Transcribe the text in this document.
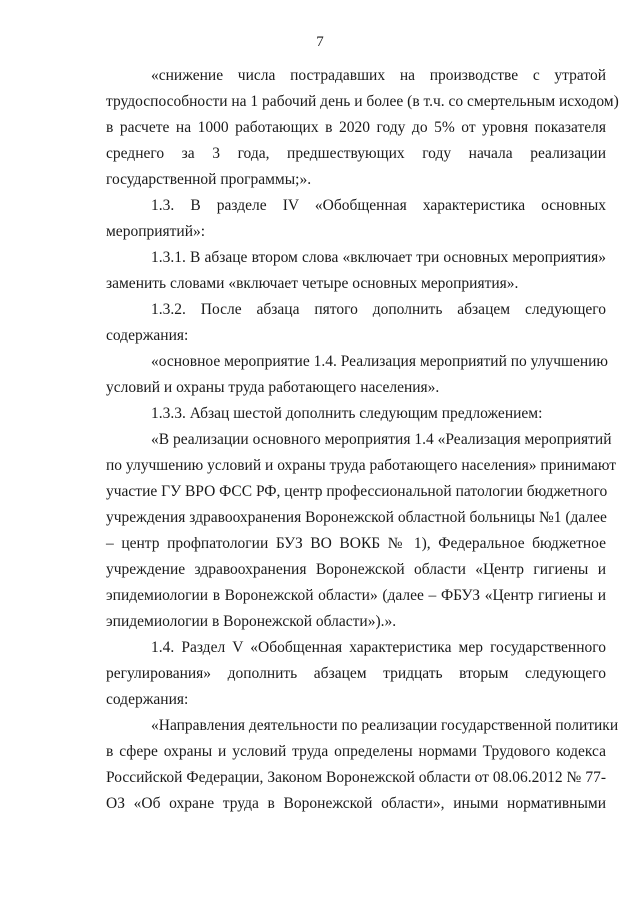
7
«снижение числа пострадавших на производстве с утратой
трудоспособности на 1 рабочий день и более (в т.ч. со смертельным исходом)
в расчете на 1000 работающих в 2020 году до 5% от уровня показателя
среднего за 3 года, предшествующих году начала реализации
государственной программы;».
1.3. В разделе IV «Обобщенная характеристика основных
мероприятий»:
1.3.1. В абзаце втором слова «включает три основных мероприятия»
заменить словами «включает четыре основных мероприятия».
1.3.2. После абзаца пятого дополнить абзацем следующего
содержания:
«основное мероприятие 1.4. Реализация мероприятий по улучшению
условий и охраны труда работающего населения».
1.3.3. Абзац шестой дополнить следующим предложением:
«В реализации основного мероприятия 1.4 «Реализация мероприятий
по улучшению условий и охраны труда работающего населения» принимают
участие ГУ ВРО ФСС РФ, центр профессиональной патологии бюджетного
учреждения здравоохранения Воронежской областной больницы №1 (далее
– центр профпатологии БУЗ ВО ВОКБ № 1), Федеральное бюджетное
учреждение здравоохранения Воронежской области «Центр гигиены и
эпидемиологии в Воронежской области» (далее – ФБУЗ «Центр гигиены и
эпидемиологии в Воронежской области»).».
1.4. Раздел V «Обобщенная характеристика мер государственного
регулирования» дополнить абзацем тридцать вторым следующего
содержания:
«Направления деятельности по реализации государственной политики
в сфере охраны и условий труда определены нормами Трудового кодекса
Российской Федерации, Законом Воронежской области от 08.06.2012 № 77-
ОЗ «Об охране труда в Воронежской области», иными нормативными
